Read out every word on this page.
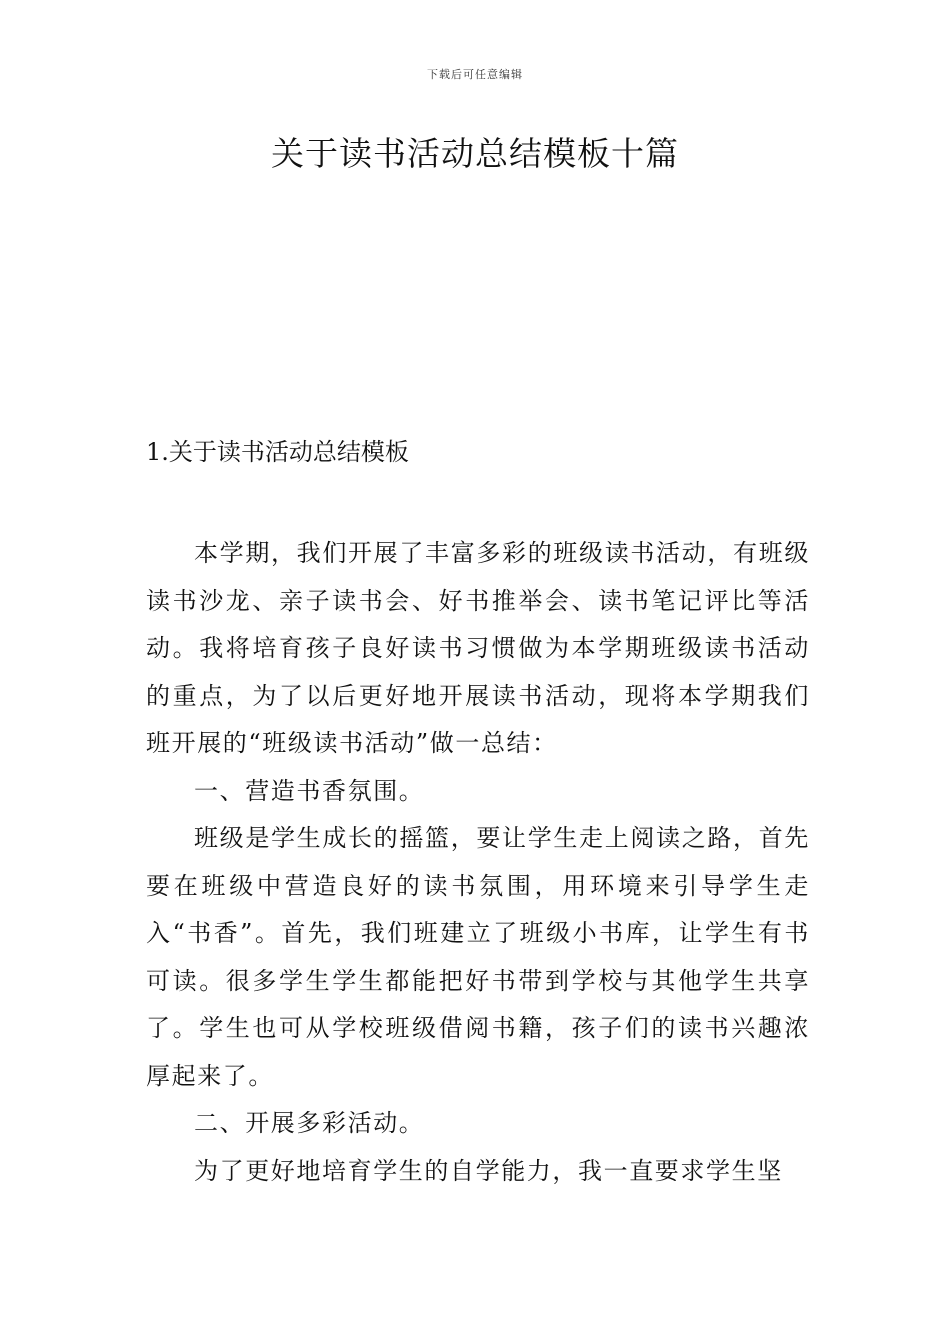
下载后可任意编辑
关于读书活动总结模板十篇
1.关于读书活动总结模板

本学期，我们开展了丰富多彩的班级读书活动，有班级读书沙龙、亲子读书会、好书推举会、读书笔记评比等活动。我将培育孩子良好读书习惯做为本学期班级读书活动的重点，为了以后更好地开展读书活动，现将本学期我们班开展的“班级读书活动”做一总结：

一、营造书香氛围。

班级是学生成长的摇篮，要让学生走上阅读之路，首先要在班级中营造良好的读书氛围，用环境来引导学生走入“书香”。首先，我们班建立了班级小书库，让学生有书可读。很多学生学生都能把好书带到学校与其他学生共享了。学生也可从学校班级借阅书籍，孩子们的读书兴趣浓厚起来了。

二、开展多彩活动。

为了更好地培育学生的自学能力，我一直要求学生坚
